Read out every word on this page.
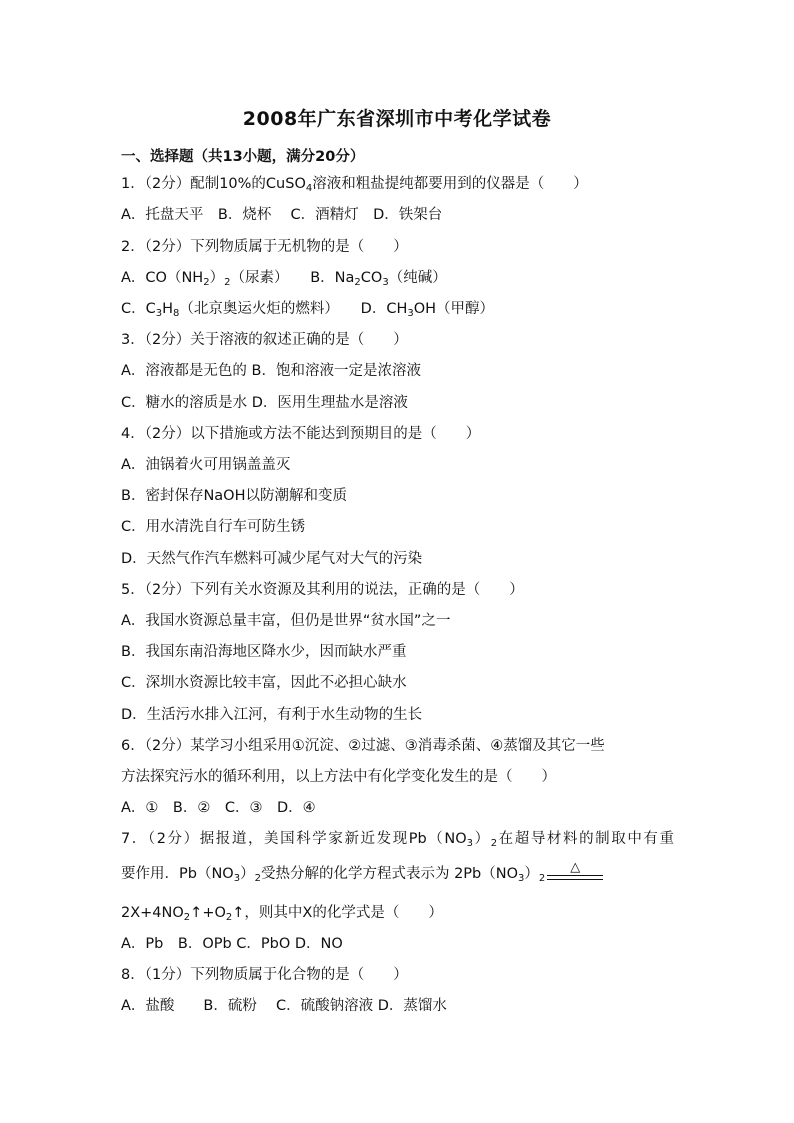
2008年广东省深圳市中考化学试卷
一、选择题（共13小题，满分20分）
1．（2分）配制10%的CuSO$_4$溶液和粗盐提纯都要用到的仪器是（　　）
A．托盘天平　B．烧杯　 C．酒精灯　D．铁架台
2．（2分）下列物质属于无机物的是（　　）
A．$CO(NH_2)_2$（尿素）　　B．$Na_2CO_3$（纯碱）
C．$C_3H_8$（北京奥运火炬的燃料）　　D．$CH_3OH$（甲醇）
3．（2分）关于溶液的叙述正确的是（　　）
A．溶液都是无色的 B．饱和溶液一定是浓溶液
C．糖水的溶质是水 D．医用生理盐水是溶液
4．（2分）以下措施或方法不能达到预期目的是（　　）
A．油锅着火可用锅盖盖灭
B．密封保存NaOH以防潮解和变质
C．用水清洗自行车可防生锈
D．天然气作汽车燃料可减少尾气对大气的污染
5．（2分）下列有关水资源及其利用的说法，正确的是（　　）
A．我国水资源总量丰富，但仍是世界“贫水国”之一
B．我国东南沿海地区降水少，因而缺水严重
C．深圳水资源比较丰富，因此不必担心缺水
D．生活污水排入江河，有利于水生动物的生长
6．（2分）某学习小组采用①沉淀、②过滤、③消毒杀菌、④蒸馏及其它一些
方法探究污水的循环利用，以上方法中有化学变化发生的是（　　）
A．①　B．②　C．③　D．④
7．（2分）据报道，美国科学家新近发现$Pb(NO_3)_2$在超导材料的制取中有重
要作用．$Pb(NO_3)_2$受热分解的化学方程式表示为 $2Pb(NO_3)_2$
△
$2X+4NO_2↑+O_2↑$，则其中X的化学式是（　　）
A．Pb　B．OPb C．PbO D．NO
8．（1分）下列物质属于化合物的是（　　）
A．盐酸　　B．硫粉　 C．硫酸钠溶液 D．蒸馏水
